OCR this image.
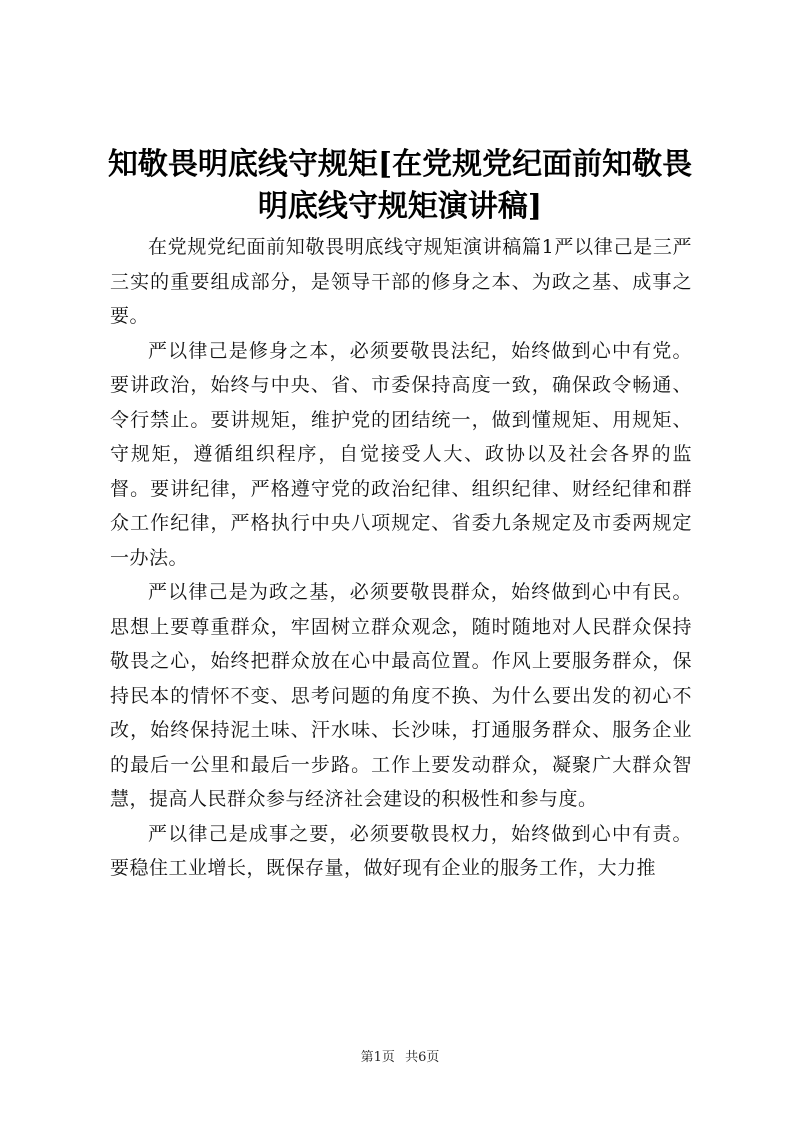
知敬畏明底线守规矩[在党规党纪面前知敬畏明底线守规矩演讲稿]

在党规党纪面前知敬畏明底线守规矩演讲稿篇1严以律己是三严三实的重要组成部分，是领导干部的修身之本、为政之基、成事之要。

严以律己是修身之本，必须要敬畏法纪，始终做到心中有党。要讲政治，始终与中央、省、市委保持高度一致，确保政令畅通、令行禁止。要讲规矩，维护党的团结统一，做到懂规矩、用规矩、守规矩，遵循组织程序，自觉接受人大、政协以及社会各界的监督。要讲纪律，严格遵守党的政治纪律、组织纪律、财经纪律和群众工作纪律，严格执行中央八项规定、省委九条规定及市委两规定一办法。

严以律己是为政之基，必须要敬畏群众，始终做到心中有民。思想上要尊重群众，牢固树立群众观念，随时随地对人民群众保持敬畏之心，始终把群众放在心中最高位置。作风上要服务群众，保持民本的情怀不变、思考问题的角度不换、为什么要出发的初心不改，始终保持泥土味、汗水味、长沙味，打通服务群众、服务企业的最后一公里和最后一步路。工作上要发动群众，凝聚广大群众智慧，提高人民群众参与经济社会建设的积极性和参与度。

严以律己是成事之要，必须要敬畏权力，始终做到心中有责。要稳住工业增长，既保存量，做好现有企业的服务工作，大力推

第1页 共6页
